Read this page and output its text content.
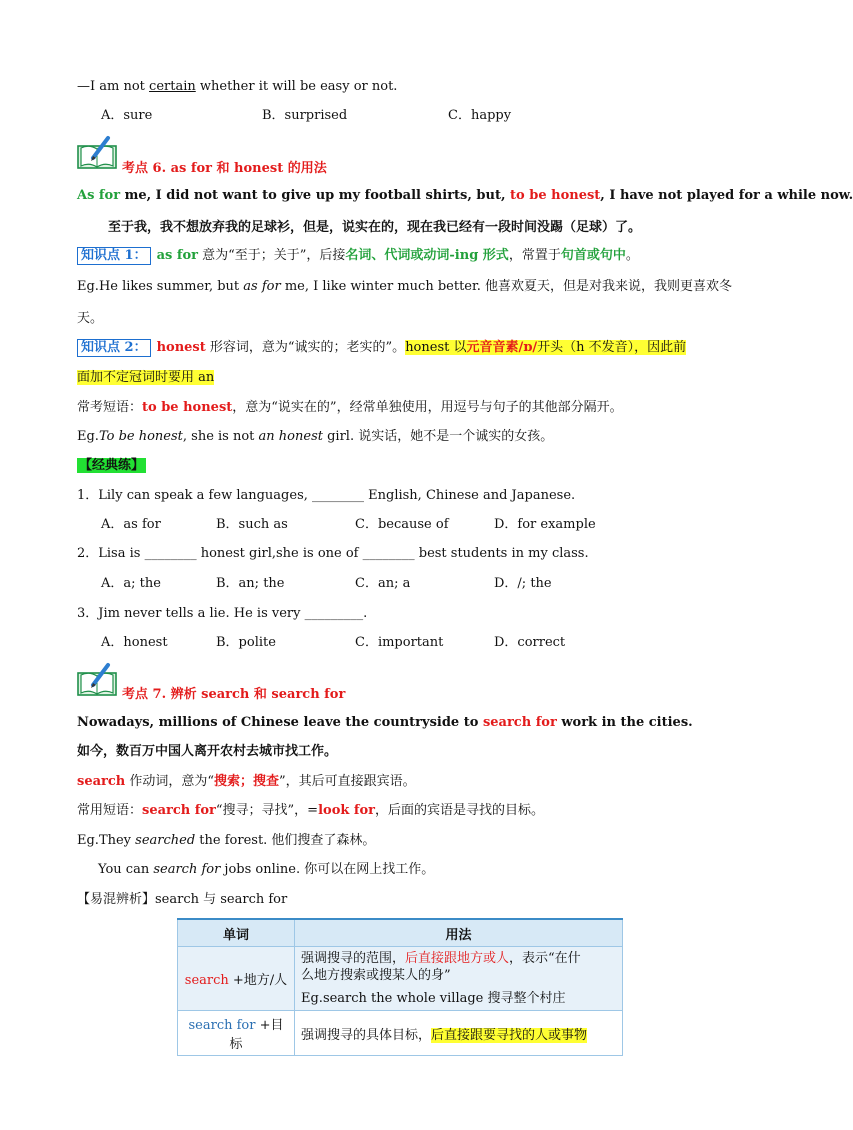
—I am not certain whether it will be easy or not.
A．sure	B．surprised	C．happy
考点 6. as for 和 honest 的用法
As for me, I did not want to give up my football shirts, but, to be honest, I have not played for a while now.
至于我，我不想放弃我的足球衫，但是，说实在的，现在我已经有一段时间没踢（足球）了。
知识点 1： as for 意为“至于；关于”，后接名词、代词或动词-ing 形式，常置于句首或句中。
Eg.He likes summer, but as for me, I like winter much better. 他喜欢夏天，但是对我来说，我则更喜欢冬
天。
知识点 2： honest 形容词，意为“诚实的；老实的”。honest 以元音音素/ɒ/开头（h 不发音），因此前
面加不定冠词时要用 an
常考短语：to be honest，意为“说实在的”，经常单独使用，用逗号与句子的其他部分隔开。
Eg.To be honest, she is not an honest girl. 说实话，她不是一个诚实的女孩。
【经典练】
1．Lily can speak a few languages, ________ English, Chinese and Japanese.
A．as for	B．such as	C．because of	D．for example
2．Lisa is ________ honest girl,she is one of ________ best students in my class.
A．a; the	B．an; the	C．an; a	D．/; the
3．Jim never tells a lie. He is very _________.
A．honest	B．polite	C．important	D．correct
考点 7. 辨析 search 和 search for
Nowadays, millions of Chinese leave the countryside to search for work in the cities.
如今，数百万中国人离开农村去城市找工作。
search 作动词，意为“搜索；搜查”，其后可直接跟宾语。
常用短语：search for“搜寻；寻找”，=look for，后面的宾语是寻找的目标。
Eg.They searched the forest. 他们搜查了森林。
You can search for jobs online. 你可以在网上找工作。
【易混辨析】search 与 search for
单词	用法
search +地方/人	强调搜寻的范围，后直接跟地方或人，表示“在什
么地方搜索或搜某人的身”
Eg.search the whole village 搜寻整个村庄

search for +目标	强调搜寻的具体目标，后直接跟要寻找的人或事物
